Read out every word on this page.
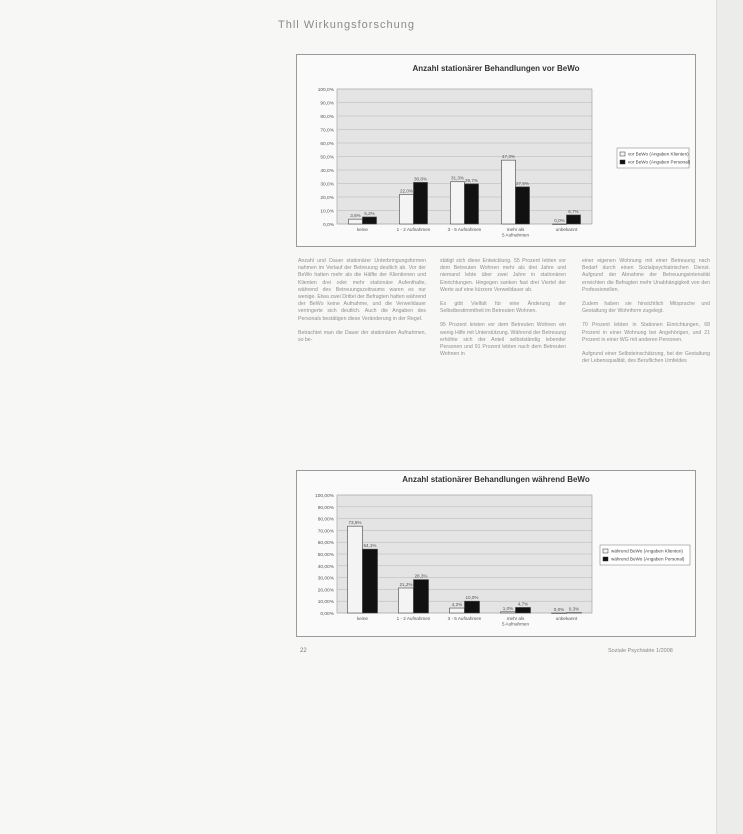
Thll Wirkungsforschung
Anzahl stationärer Behandlungen vor BeWo
0,0%
10,0%
20,0%
30,0%
40,0%
50,0%
60,0%
70,0%
80,0%
90,0%
100,0%
3,6% 5,2%
keine
22,0%
30,8%
1 - 2 Aufnahmen
31,3% 29,7%
3 - 5 Aufnahmen
47,3%
27,5%
mehr als
5 Aufnahmen
0,0%
6,7%
unbekannt
vor BeWo (Angaben Klienten)
vor BeWo (Angaben Personal)
Anzahl stationärer Behandlungen während BeWo
0,00%
10,00%
20,00%
30,00%
40,00%
50,00%
60,00%
70,00%
80,00%
90,00%
100,00%
73,6%
54,1%
keine
21,2%
28,3%
1 - 2 Aufnahmen
4,2%
10,0%
3 - 5 Aufnahmen
1,0%
4,7%
mehr als
5 Aufnahmen
0,0% 0,3%
unbekannt
während BeWo (Angaben Klienten)
während BeWo (Angaben Personal)

Anzahl und Dauer stationärer Unterbringungsformen nahmen im Verlauf der Betreuung deutlich ab. Vor der BeWo hatten mehr als die Hälfte der Klientinnen und Klienten drei oder mehr stationäre Aufenthalte, während des Betreuungszeitraums waren es nur wenige. Etwa zwei Drittel der Befragten hatten während der BeWo keine Aufnahme, und die Verweildauer verringerte sich deutlich. Auch die Angaben des Personals bestätigen diese Veränderung in der Regel.

Betrachtet man die Dauer der stationären Aufnahmen, so be-

stätigt sich diese Entwicklung. 55 Prozent lebten vor dem Betreuten Wohnen mehr als drei Jahre und niemand lebte über zwei Jahre in stationären Einrichtungen. Hingegen sanken fast drei Viertel der Werte auf eine kürzere Verweildauer ab.

Es gibt Vielfalt für eine Änderung der Selbstbestimmtheit im Betreuten Wohnen.

95 Prozent leisten vor dem Betreuten Wohnen ein wenig Hilfe mit Unterstützung. Während der Betreuung erhöhte sich der Anteil selbstständig lebender Personen und 91 Prozent lebten nach dem Betreuten Wohnen in

einer eigenen Wohnung mit einer Betreuung nach Bedarf durch einen Sozialpsychiatrischen Dienst. Aufgrund der Abnahme der Betreuungsintensität erreichten die Befragten mehr Unabhängigkeit von den Professionellen.

Zudem haben sie hinsichtlich Mitsprache und Gestaltung der Wohnform zugelegt.

70 Prozent lebten in Stationen Einrichtungen, 68 Prozent in einer Wohnung bei Angehörigen, und 21 Prozent in einer WG mit anderen Personen.

Aufgrund einer Selbsteinschätzung, bei der Gestaltung der Lebensqualität, des Beruflichen Umfeldes

22	Soziale Psychiatrie 1/2008
